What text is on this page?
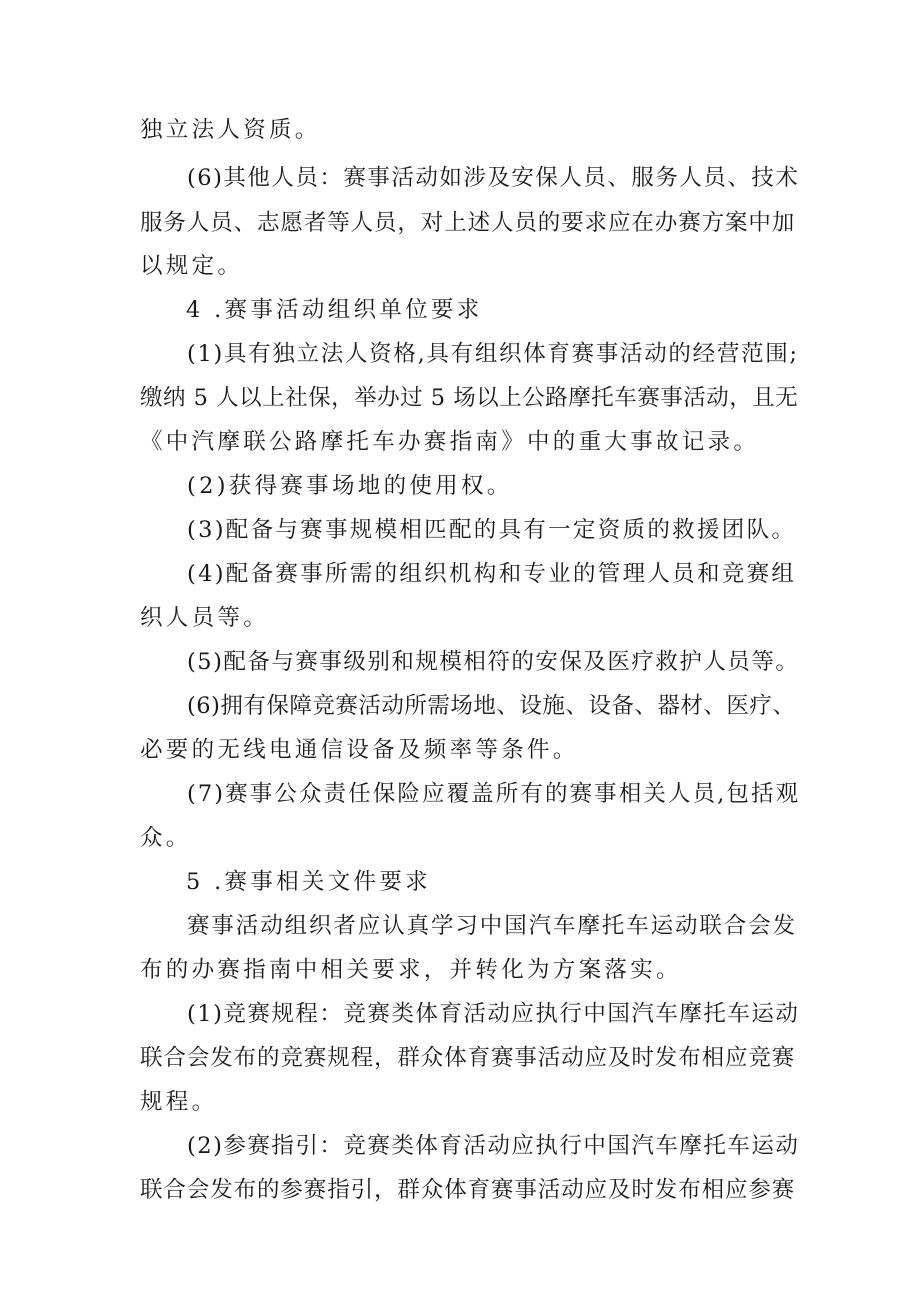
独立法人资质。
(6)其他人员：赛事活动如涉及安保人员、服务人员、技术
服务人员、志愿者等人员，对上述人员的要求应在办赛方案中加
以规定。
4 .赛事活动组织单位要求
(1)具有独立法人资格,具有组织体育赛事活动的经营范围;
缴纳 5 人以上社保，举办过 5 场以上公路摩托车赛事活动，且无
《中汽摩联公路摩托车办赛指南》中的重大事故记录。
(2)获得赛事场地的使用权。
(3)配备与赛事规模相匹配的具有一定资质的救援团队。
(4)配备赛事所需的组织机构和专业的管理人员和竞赛组
织人员等。
(5)配备与赛事级别和规模相符的安保及医疗救护人员等。
(6)拥有保障竞赛活动所需场地、设施、设备、器材、医疗、
必要的无线电通信设备及频率等条件。
(7)赛事公众责任保险应覆盖所有的赛事相关人员,包括观
众。
5 .赛事相关文件要求
赛事活动组织者应认真学习中国汽车摩托车运动联合会发
布的办赛指南中相关要求，并转化为方案落实。
(1)竞赛规程：竞赛类体育活动应执行中国汽车摩托车运动
联合会发布的竞赛规程，群众体育赛事活动应及时发布相应竞赛
规程。
(2)参赛指引：竞赛类体育活动应执行中国汽车摩托车运动
联合会发布的参赛指引，群众体育赛事活动应及时发布相应参赛
